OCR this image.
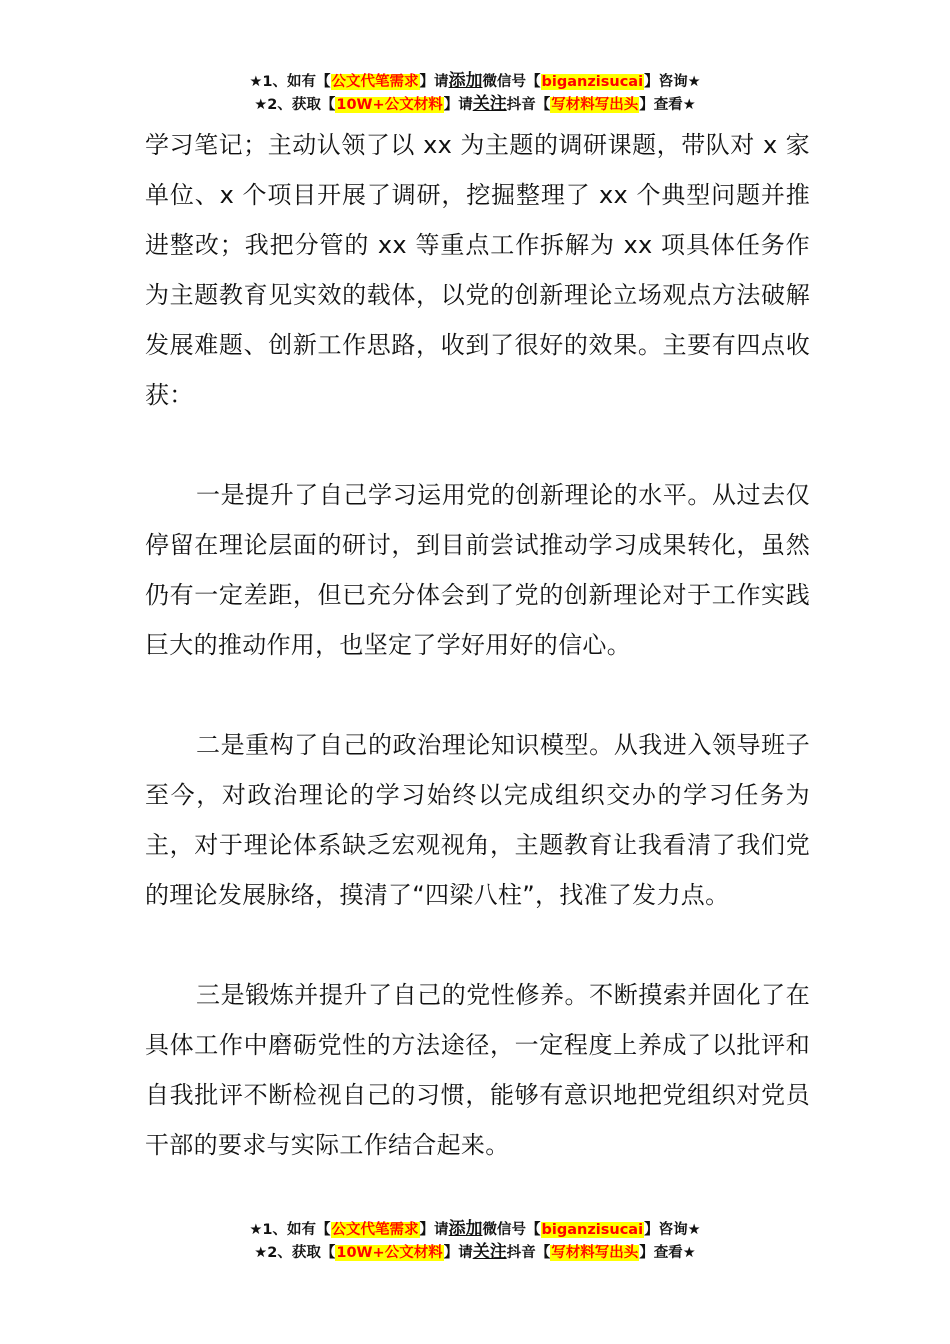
★1、如有【公文代笔需求】请添加微信号【biganzisucai】咨询★
★2、获取【10W+公文材料】请关注抖音【写材料写出头】查看★

学习笔记；主动认领了以 xx 为主题的调研课题，带队对 x 家单位、x 个项目开展了调研，挖掘整理了 xx 个典型问题并推进整改；我把分管的 xx 等重点工作拆解为 xx 项具体任务作为主题教育见实效的载体，以党的创新理论立场观点方法破解发展难题、创新工作思路，收到了很好的效果。主要有四点收获：

一是提升了自己学习运用党的创新理论的水平。从过去仅停留在理论层面的研讨，到目前尝试推动学习成果转化，虽然仍有一定差距，但已充分体会到了党的创新理论对于工作实践巨大的推动作用，也坚定了学好用好的信心。

二是重构了自己的政治理论知识模型。从我进入领导班子至今，对政治理论的学习始终以完成组织交办的学习任务为主，对于理论体系缺乏宏观视角，主题教育让我看清了我们党的理论发展脉络，摸清了“四梁八柱”，找准了发力点。

三是锻炼并提升了自己的党性修养。不断摸索并固化了在具体工作中磨砺党性的方法途径，一定程度上养成了以批评和自我批评不断检视自己的习惯，能够有意识地把党组织对党员干部的要求与实际工作结合起来。

★1、如有【公文代笔需求】请添加微信号【biganzisucai】咨询★
★2、获取【10W+公文材料】请关注抖音【写材料写出头】查看★
